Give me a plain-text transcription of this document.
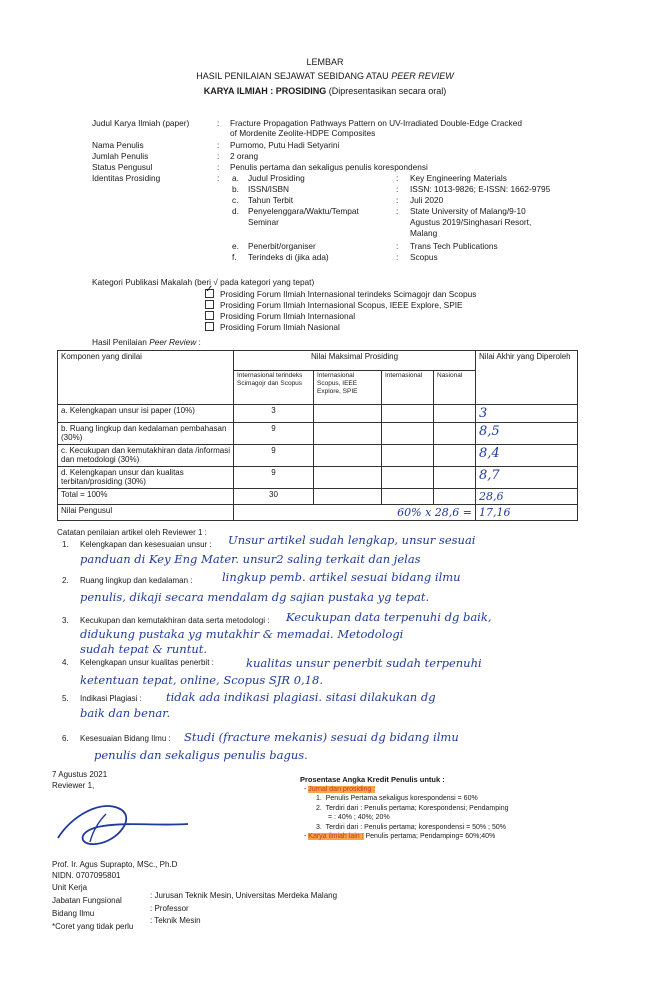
LEMBAR
HASIL PENILAIAN SEJAWAT SEBIDANG ATAU PEER REVIEW
KARYA ILMIAH : PROSIDING (Dipresentasikan secara oral)
Judul Karya Ilmiah (paper)	: Fracture Propagation Pathways Pattern on UV-Irradiated Double-Edge Cracked
of Mordenite Zeolite-HDPE Composites
Nama Penulis	: Purnomo, Putu Hadi Setyarini
Jumlah Penulis	: 2 orang
Status Pengusul	: Penulis pertama dan sekaligus penulis korespondensi
Identitas Prosiding	: a. Judul Prosiding	: Key Engineering Materials
b. ISSN/ISBN	: ISSN: 1013-9826; E-ISSN: 1662-9795
c. Tahun Terbit	: Juli 2020
d. Penyelenggara/Waktu/Tempat
Seminar
: State University of Malang/9-10
Agustus 2019/Singhasari Resort,
Malang
e. Penerbit/organiser	: Trans Tech Publications
f. Terindeks di (jika ada)	: Scopus
Kategori Publikasi Makalah (beri √ pada kategori yang tepat)
✓Prosiding Forum Ilmiah Internasional terindeks Scimagojr dan Scopus
Prosiding Forum Ilmiah Internasional Scopus, IEEE Explore, SPIE
Prosiding Forum Ilmiah Internasional
Prosiding Forum Ilmiah Nasional
Hasil Penilaian Peer Review :
Komponen yang dinilai	Nilai Maksimal Prosiding				Nilai Akhir yang Diperoleh
	Internasional terindeks Scimagojr dan Scopus	Internasional Scopus, IEEE Explore, SPIE	Internasional	Nasional	
a. Kelengkapan unsur isi paper (10%)	3				3
b. Ruang lingkup dan kedalaman pembahasan (30%)	9				8,5
c. Kecukupan dan kemutakhiran data /informasi dan metodologi (30%)	9				8,4
d. Kelengkapan unsur dan kualitas terbitan/prosiding (30%)	9				8,7
Total = 100%	30				28,6
Nilai Pengusul	60% x 28,6 =				17,16
Catatan penilaian artikel oleh Reviewer 1 :
1. Kelengkapan dan kesesuaian unsur : Unsur artikel sudah lengkap, unsur sesuai
panduan di Key Eng Mater. unsur2 saling terkait dan jelas
2. Ruang lingkup dan kedalaman :	lingkup pemb. artikel sesuai bidang ilmu
penulis, dikaji secara mendalam dg sajian pustaka yg tepat.
3. Kecukupan dan kemutakhiran data serta metodologi : Kecukupan data terpenuhi dg baik,
didukung pustaka yg mutakhir & memadai. Metodologi
sudah tepat & runtut.
4. Kelengkapan unsur kualitas penerbit :	kualitas unsur penerbit sudah terpenuhi
ketentuan tepat, online, Scopus SJR 0,18.
5. Indikasi Plagiasi : tidak ada indikasi plagiasi. sitasi dilakukan dg
baik dan benar.
6. Kesesuaian Bidang Ilmu : Studi (fracture mekanis) sesuai dg bidang ilmu
penulis dan sekaligus penulis bagus.
7 Agustus 2021
Reviewer 1,
Prof. Ir. Agus Suprapto, MSc., Ph.D
NIDN. 0707095801
Unit Kerja
: Jurusan Teknik Mesin, Universitas Merdeka Malang
Jabatan Fungsional
: Professor
Bidang Ilmu
: Teknik Mesin
*Coret yang tidak perlu
Prosentase Angka Kredit Penulis untuk :
- Jurnal dan prosiding :
1.  Penulis Pertama sekaligus korespondensi = 60%
2.  Terdiri dari : Penulis pertama; Korespondensi; Pendamping
= : 40% ; 40%; 20%
3.  Terdiri dari : Penulis pertama; korespondensi = 50% ; 50%
- Karya ilmiah lain : Penulis pertama; Pendamping= 60%;40%
